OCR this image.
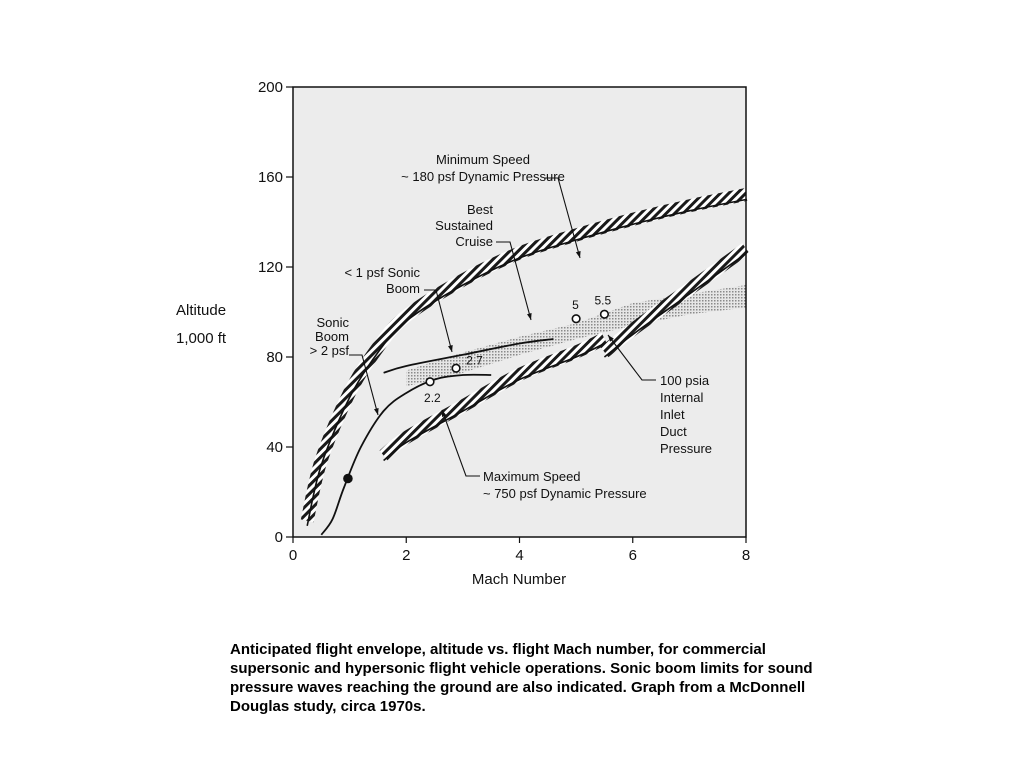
0	2	4	6	8
0
40
80
120
160
200
2.2
2.7
5 5.5
Minimum Speed
~ 180 psf Dynamic Pressure
Best
Sustained
Cruise
< 1 psf Sonic
Boom
Sonic
Boom
> 2 psf
100 psia
Internal
Inlet
Duct
Pressure
Maximum Speed
~ 750 psf Dynamic Pressure
Mach Number
Altitude
1,000 ft

Anticipated flight envelope, altitude vs. flight Mach number, for commercial supersonic and hypersonic flight vehicle operations. Sonic boom limits for sound pressure waves reaching the ground are also indicated. Graph from a McDonnell Douglas study, circa 1970s.
